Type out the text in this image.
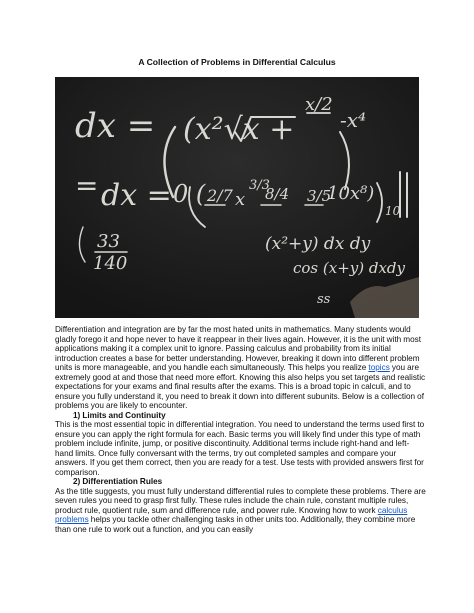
A Collection of Problems in Differential Calculus
dx = (x²√x +
x/2
-x⁴
= dx = 0 ( 2/7 x
3/3
8/4 3/5
10x⁸)
10
33
140
(x²+y) dx dy
cos (x+y) dxdy
ss

Differentiation and integration are by far the most hated units in mathematics. Many students would gladly forego it and hope never to have it reappear in their lives again. However, it is the unit with most applications making it a complex unit to ignore. Passing calculus and probability from its initial introduction creates a base for better understanding. However, breaking it down into different problem units is more manageable, and you handle each simultaneously. This helps you realize topics you are extremely good at and those that need more effort. Knowing this also helps you set targets and realistic expectations for your exams and final results after the exams. This is a broad topic in calculi, and to ensure you fully understand it, you need to break it down into different subunits. Below is a collection of problems you are likely to encounter.

1) Limits and Continuity

This is the most essential topic in differential integration. You need to understand the terms used first to ensure you can apply the right formula for each. Basic terms you will likely find under this type of math problem include infinite, jump, or positive discontinuity. Additional terms include right-hand and left-hand limits. Once fully conversant with the terms, try out completed samples and compare your answers. If you get them correct, then you are ready for a test. Use tests with provided answers first for comparison.

2) Differentiation Rules

As the title suggests, you must fully understand differential rules to complete these problems. There are seven rules you need to grasp first fully. These rules include the chain rule, constant multiple rules, product rule, quotient rule, sum and difference rule, and power rule. Knowing how to work calculus problems helps you tackle other challenging tasks in other units too. Additionally, they combine more than one rule to work out a function, and you can easily
